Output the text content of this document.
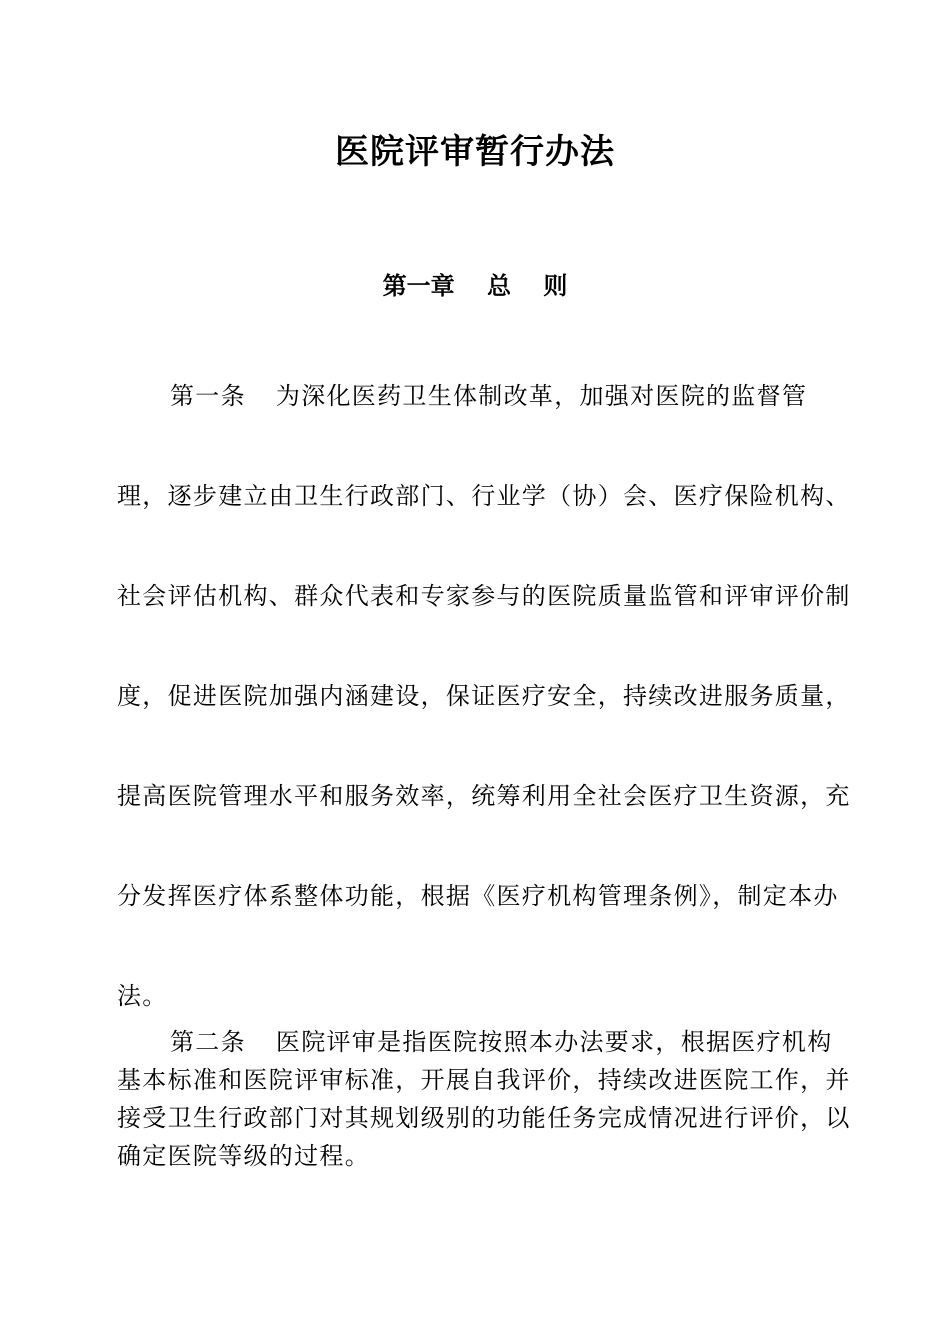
医院评审暂行办法
第一章　 总　 则

第一条 为深化医药卫生体制改革，加强对医院的监督管理，逐步建立由卫生行政部门、行业学（协）会、医疗保险机构、社会评估机构、群众代表和专家参与的医院质量监管和评审评价制度，促进医院加强内涵建设，保证医疗安全，持续改进服务质量，提高医院管理水平和服务效率，统筹利用全社会医疗卫生资源，充分发挥医疗体系整体功能，根据《医疗机构管理条例》，制定本办法。

第二条 医院评审是指医院按照本办法要求，根据医疗机构基本标准和医院评审标准，开展自我评价，持续改进医院工作，并接受卫生行政部门对其规划级别的功能任务完成情况进行评价，以确定医院等级的过程。
